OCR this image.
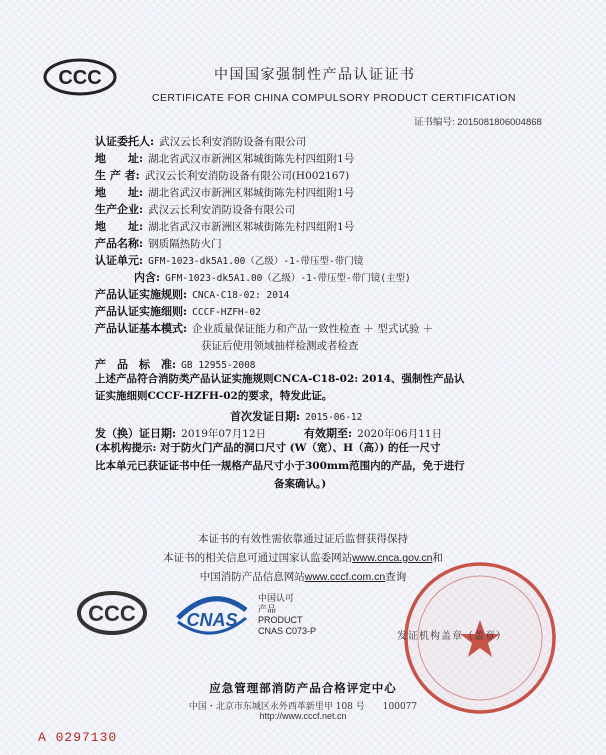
CCC	中国国家强制性产品认证证书
CERTIFICATE FOR CHINA COMPULSORY PRODUCT CERTIFICATION
证书编号: 2015081806004868
认证委托人: 武汉云长利安消防设备有限公司
地　　址: 湖北省武汉市新洲区邾城街陈先村四组附1号
生 产 者: 武汉云长利安消防设备有限公司(H002167)
地　　址: 湖北省武汉市新洲区邾城街陈先村四组附1号
生产企业: 武汉云长利安消防设备有限公司
地　　址: 湖北省武汉市新洲区邾城街陈先村四组附1号
产品名称: 钢质隔热防火门
认证单元: GFM-1023-dk5A1.00（乙级）-1-带压型-带门镜
内含: GFM-1023-dk5A1.00（乙级）-1-带压型-带门镜(主型)
产品认证实施规则: CNCA-C18-02: 2014
产品认证实施细则: CCCF-HZFH-02
产品认证基本模式: 企业质量保证能力和产品一致性检查 ＋ 型式试验 ＋
获证后使用领域抽样检测或者检查
产　品　标　准: GB 12955-2008
上述产品符合消防类产品认证实施规则CNCA-C18-02: 2014、强制性产品认
证实施细则CCCF-HZFH-02的要求，特发此证。
首次发证日期: 2015-06-12
发（换）证日期: 2019年07月12日	有效期至: 2020年06月11日
(本机构提示: 对于防火门产品的洞口尺寸 (W（宽）、H（高）) 的任一尺寸
比本单元已获证证书中任一规格产品尺寸小于300mm范围内的产品，免于进行
备案确认。)
本证书的有效性需依靠通过证后监督获得保持
本证书的相关信息可通过国家认监委网站www.cnca.gov.cn和
中国消防产品信息网站www.cccf.com.cn查询
CCC	CNAS
中国认可
产品
PRODUCT
CNAS C073-P	发证机构盖章（盖章）
应急管理部消防产品合格评定中心
中国・北京市东城区永外西革新里甲 108 号　　100077
http://www.cccf.net.cn
A 0297130
